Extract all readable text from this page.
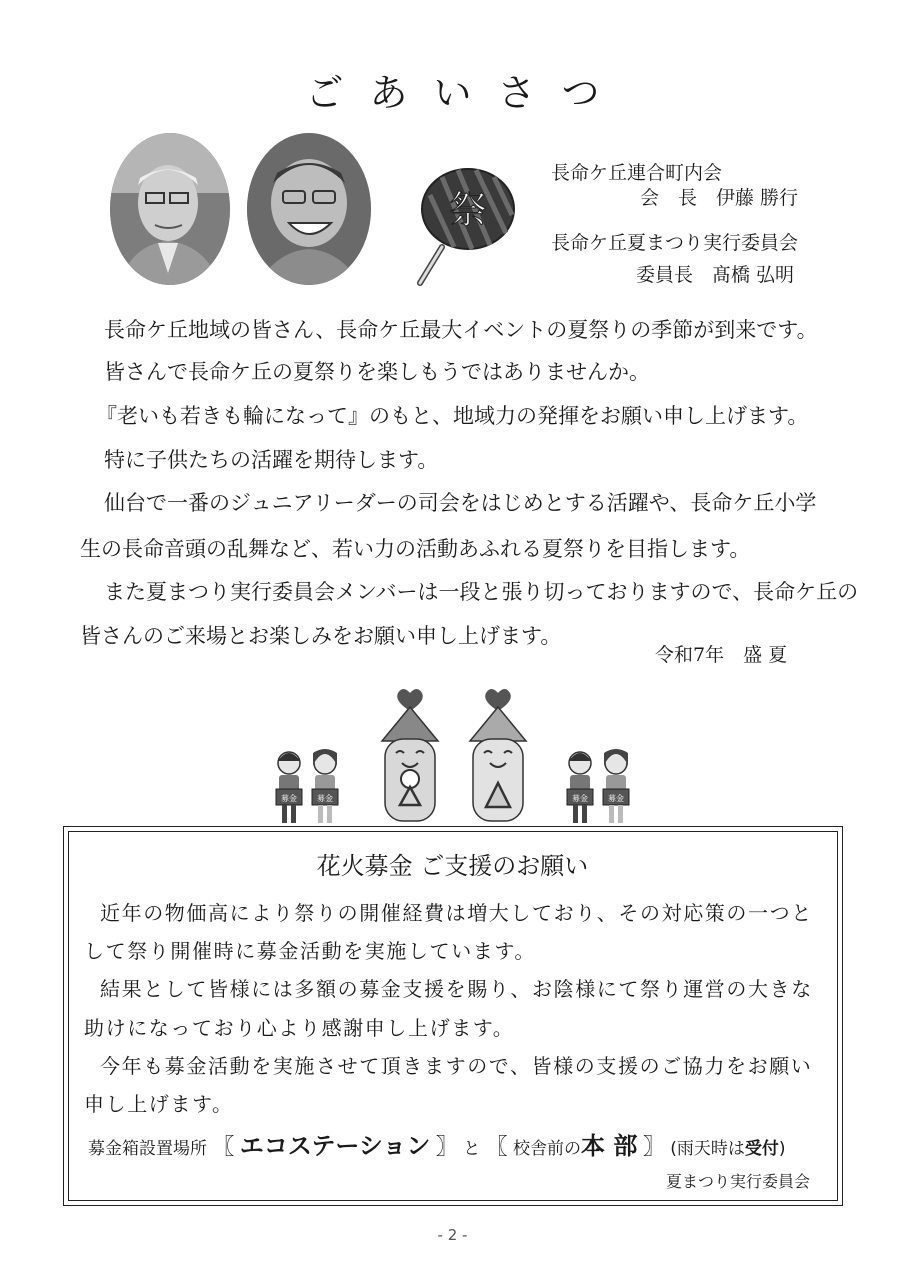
ごあいさつ
祭
長命ケ丘連合町内会
会　長　伊藤 勝行
長命ケ丘夏まつり実行委員会
委員長　髙橋 弘明
長命ケ丘地域の皆さん、長命ケ丘最大イベントの夏祭りの季節が到来です。
皆さんで長命ケ丘の夏祭りを楽しもうではありませんか。
『老いも若きも輪になって』のもと、地域力の発揮をお願い申し上げます。
特に子供たちの活躍を期待します。
仙台で一番のジュニアリーダーの司会をはじめとする活躍や、長命ケ丘小学
生の長命音頭の乱舞など、若い力の活動あふれる夏祭りを目指します。
また夏まつり実行委員会メンバーは一段と張り切っておりますので、長命ケ丘の
皆さんのご来場とお楽しみをお願い申し上げます。
令和7年　盛 夏
募金	募金	募金	募金
花火募金 ご支援のお願い
近年の物価高により祭りの開催経費は増大しており、その対応策の一つと
して祭り開催時に募金活動を実施しています。
結果として皆様には多額の募金支援を賜り、お陰様にて祭り運営の大きな
助けになっており心より感謝申し上げます。
今年も募金活動を実施させて頂きますので、皆様の支援のご協力をお願い
申し上げます。
募金箱設置場所 〖 エコステーション 〗 と 〖 校舎前の本 部 〗 (雨天時は受付)
夏まつり実行委員会
- 2 -
